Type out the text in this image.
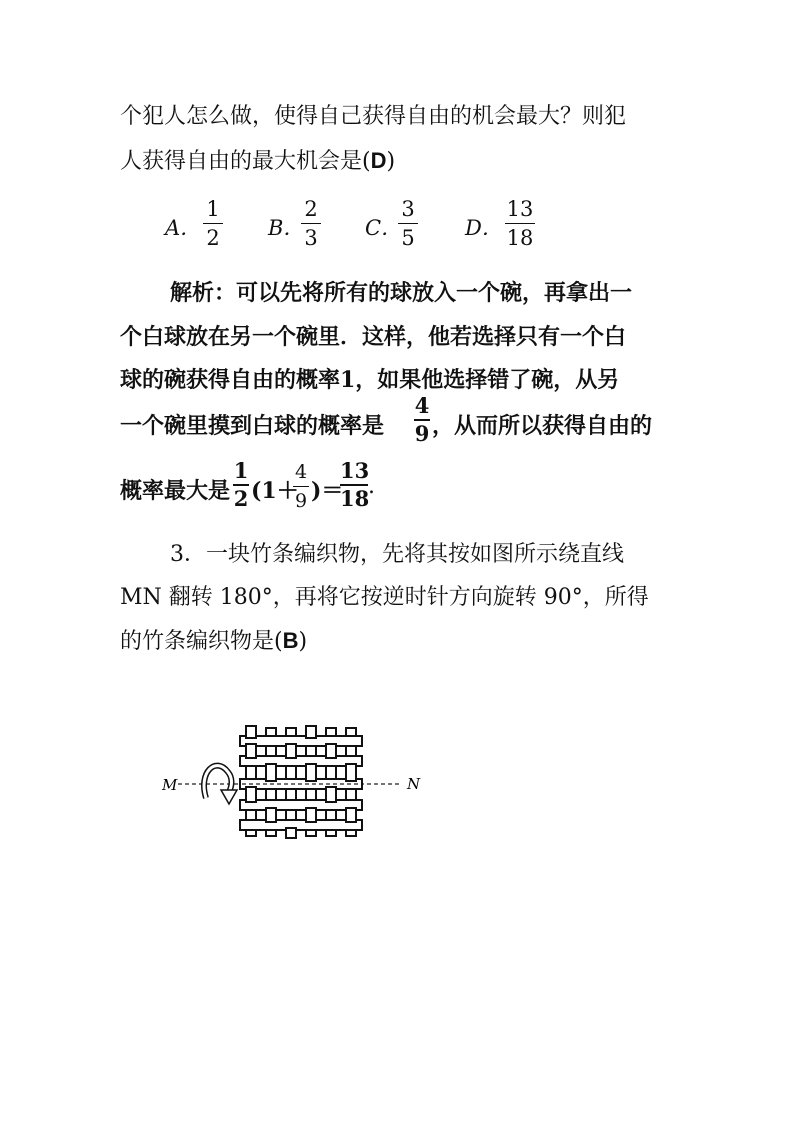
个犯人怎么做，使得自己获得自由的机会最大？则犯
人获得自由的最大机会是(D)
A．
1
2 B．
2
3 C．
3
5 D．
13
18
解析：可以先将所有的球放入一个碗，再拿出一
个白球放在另一个碗里．这样，他若选择只有一个白
球的碗获得自由的概率1，如果他选择错了碗，从另
一个碗里摸到白球的概率是
4
9 ，从而所以获得自由的
概率最大是
1
2 (1＋
4
9 )＝
13
18
.
3．一块竹条编织物，先将其按如图所示绕直线
MN 翻转 180°，再将它按逆时针方向旋转 90°，所得
的竹条编织物是(B)
M	N
